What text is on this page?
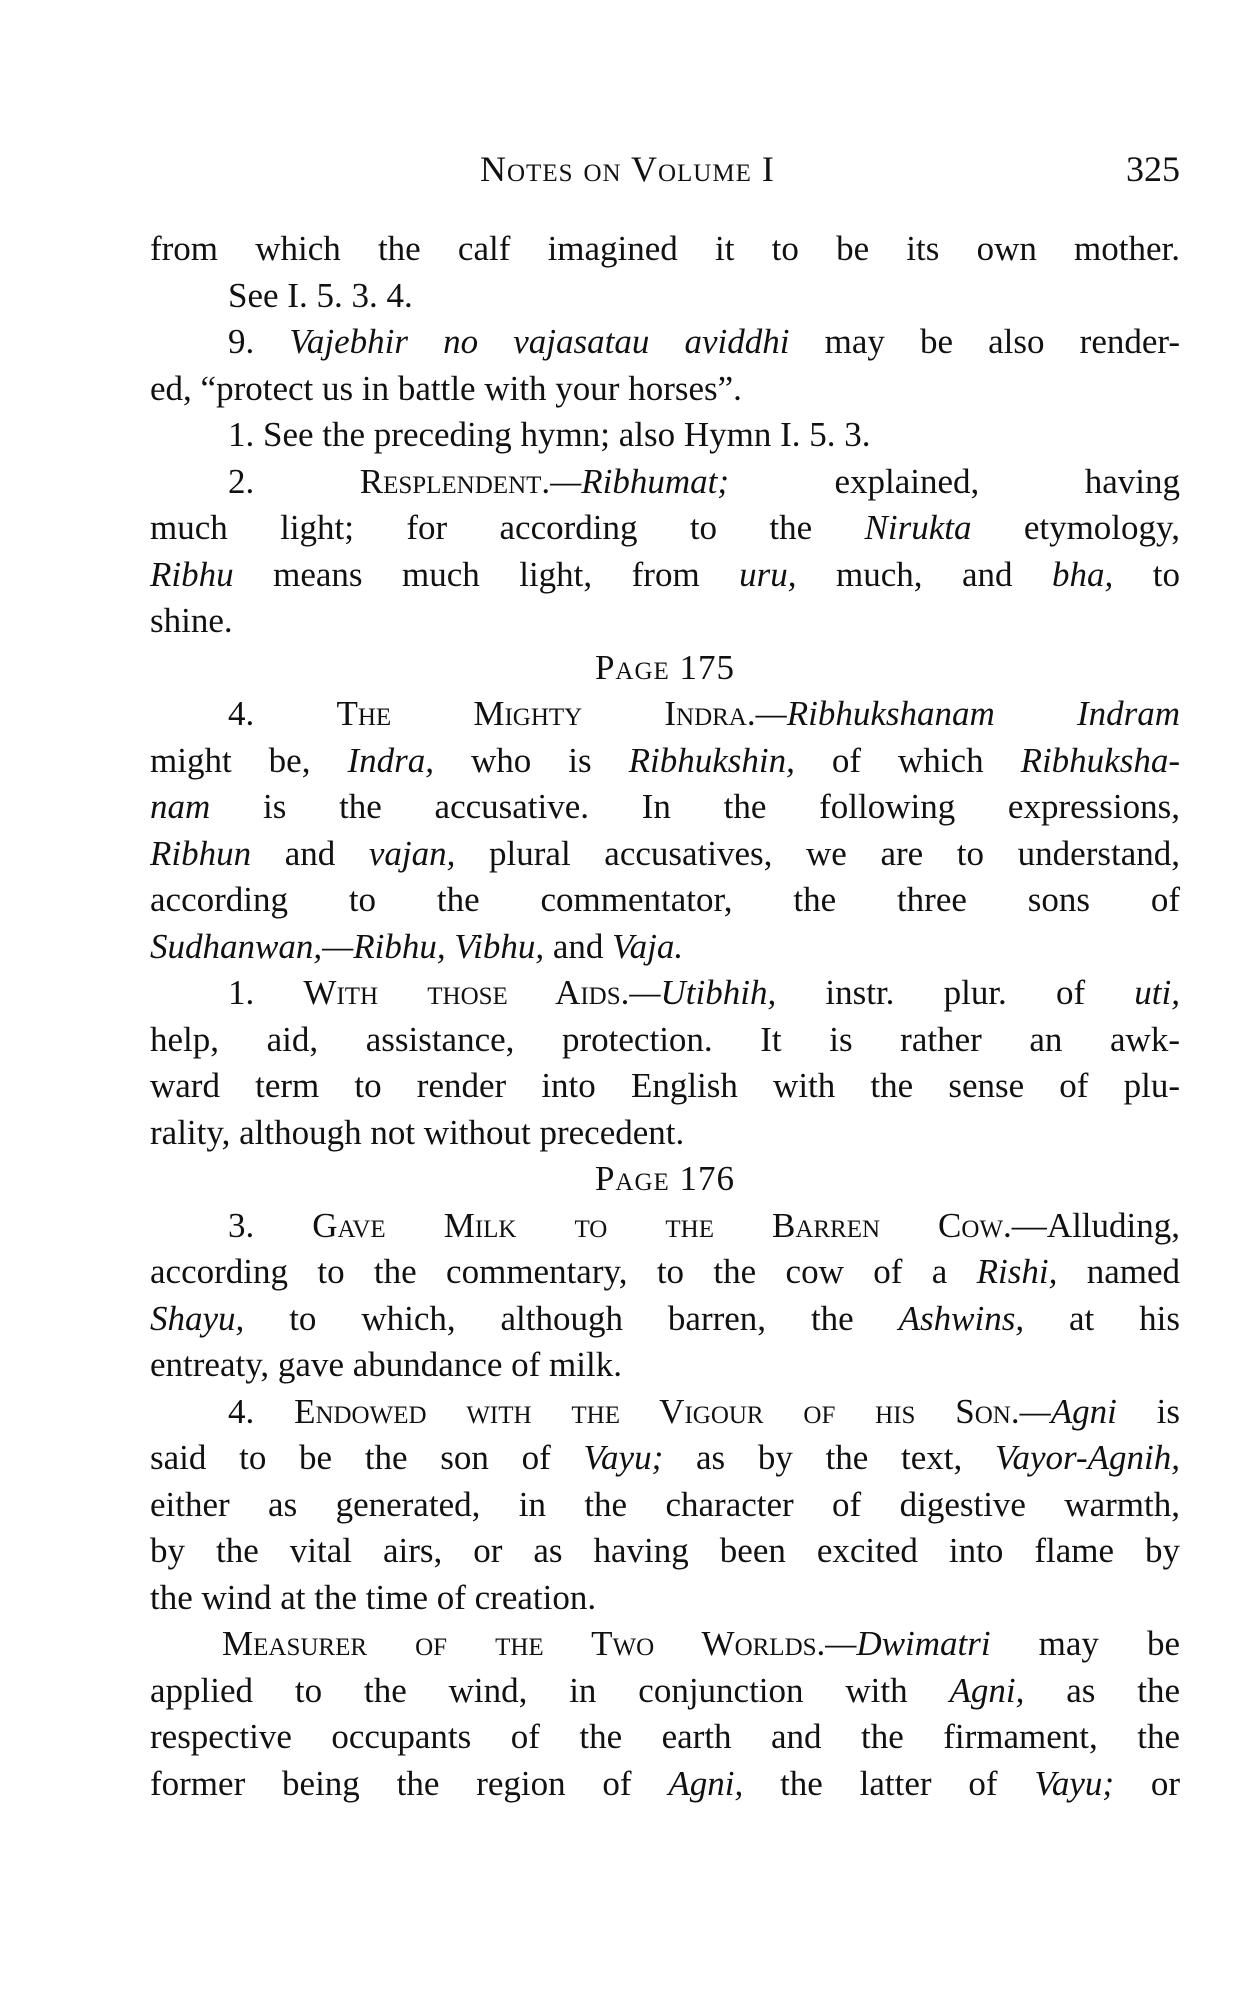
Notes on Volume I	325
from which the calf imagined it to be its own mother.
See I. 5. 3. 4.
9. Vajebhir no vajasatau aviddhi may be also render-
ed, “protect us in battle with your horses”.
1. See the preceding hymn; also Hymn I. 5. 3.
2. Resplendent.—Ribhumat; explained, having
much light; for according to the Nirukta etymology,
Ribhu means much light, from uru, much, and bha, to
shine.
Page 175
4. The Mighty Indra.—Ribhukshanam Indram
might be, Indra, who is Ribhukshin, of which Ribhuksha-
nam is the accusative. In the following expressions,
Ribhun and vajan, plural accusatives, we are to understand,
according to the commentator, the three sons of
Sudhanwan,—Ribhu, Vibhu, and Vaja.
1. With those Aids.—Utibhih, instr. plur. of uti,
help, aid, assistance, protection. It is rather an awk-
ward term to render into English with the sense of plu-
rality, although not without precedent.
Page 176
3. Gave Milk to the Barren Cow.—Alluding,
according to the commentary, to the cow of a Rishi, named
Shayu, to which, although barren, the Ashwins, at his
entreaty, gave abundance of milk.
4. Endowed with the Vigour of his Son.—Agni is
said to be the son of Vayu; as by the text, Vayor-Agnih,
either as generated, in the character of digestive warmth,
by the vital airs, or as having been excited into flame by
the wind at the time of creation.
Measurer of the Two Worlds.—Dwimatri may be
applied to the wind, in conjunction with Agni, as the
respective occupants of the earth and the firmament, the
former being the region of Agni, the latter of Vayu; or
